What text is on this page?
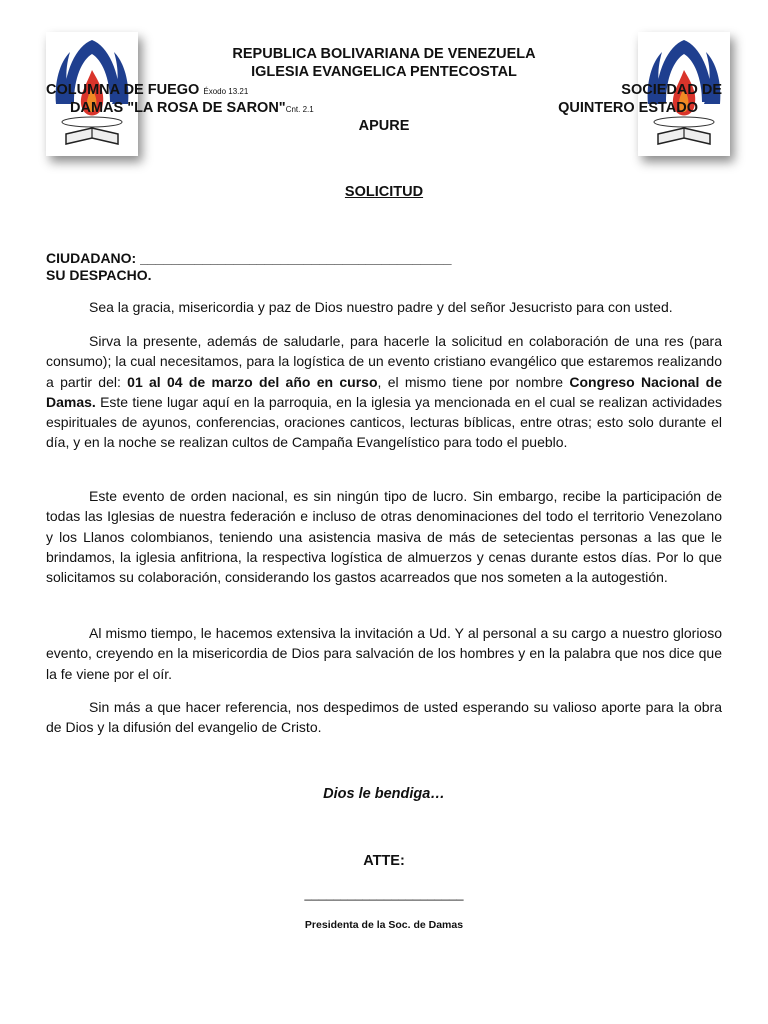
REPUBLICA BOLIVARIANA DE VENEZUELA
IGLESIA EVANGELICA PENTECOSTAL
COLUMNA DE FUEGO Éxodo 13.21
DAMAS "LA ROSA DE SARON"Cnt. 2.1
SOCIEDAD DE
QUINTERO ESTADO
APURE
SOLICITUD
CIUDADANO: ________________________________________
SU DESPACHO.

Sea la gracia, misericordia y paz de Dios nuestro padre y del señor Jesucristo para con usted.

Sirva la presente, además de saludarle, para hacerle la solicitud en colaboración de una res (para consumo); la cual necesitamos, para la logística de un evento cristiano evangélico que estaremos realizando a partir del: 01 al 04 de marzo del año en curso, el mismo tiene por nombre Congreso Nacional de Damas. Este tiene lugar aquí en la parroquia, en la iglesia ya mencionada en el cual se realizan actividades espirituales de ayunos, conferencias, oraciones canticos, lecturas bíblicas, entre otras; esto solo durante el día, y en la noche se realizan cultos de Campaña Evangelístico para todo el pueblo.

Este evento de orden nacional, es sin ningún tipo de lucro. Sin embargo, recibe la participación de todas las Iglesias de nuestra federación e incluso de otras denominaciones del todo el territorio Venezolano y los Llanos colombianos, teniendo una asistencia masiva de más de setecientas personas a las que le brindamos, la iglesia anfitriona, la respectiva logística de almuerzos y cenas durante estos días. Por lo que solicitamos su colaboración, considerando los gastos acarreados que nos someten a la autogestión.

Al mismo tiempo, le hacemos extensiva la invitación a Ud. Y al personal a su cargo a nuestro glorioso evento, creyendo en la misericordia de Dios para salvación de los hombres y en la palabra que nos dice que la fe viene por el oír.

Sin más a que hacer referencia, nos despedimos de usted esperando su valioso aporte para la obra de Dios y la difusión del evangelio de Cristo.

Dios le bendiga…
ATTE:
______________________
Presidenta de la Soc. de Damas
